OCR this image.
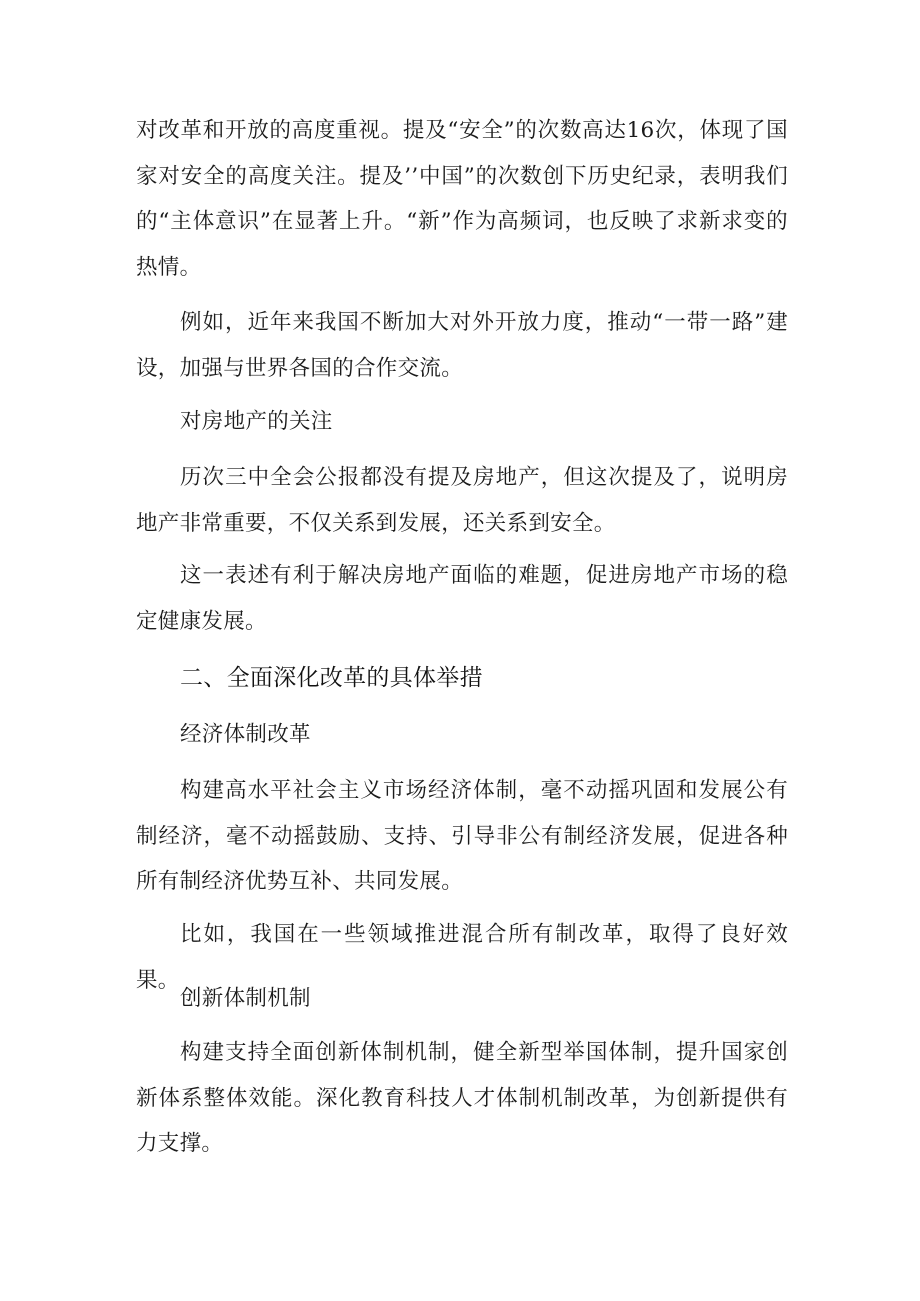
对改革和开放的高度重视。提及“安全”的次数高达16次，体现了国家对安全的高度关注。提及’’中国”的次数创下历史纪录，表明我们的“主体意识”在显著上升。“新”作为高频词，也反映了求新求变的热情。

例如，近年来我国不断加大对外开放力度，推动“一带一路”建设，加强与世界各国的合作交流。

对房地产的关注

历次三中全会公报都没有提及房地产，但这次提及了，说明房地产非常重要，不仅关系到发展，还关系到安全。

这一表述有利于解决房地产面临的难题，促进房地产市场的稳定健康发展。

二、全面深化改革的具体举措

经济体制改革

构建高水平社会主义市场经济体制，毫不动摇巩固和发展公有制经济，毫不动摇鼓励、支持、引导非公有制经济发展，促进各种所有制经济优势互补、共同发展。

比如，我国在一些领域推进混合所有制改革，取得了良好效果。

创新体制机制

构建支持全面创新体制机制，健全新型举国体制，提升国家创新体系整体效能。深化教育科技人才体制机制改革，为创新提供有力支撑。
